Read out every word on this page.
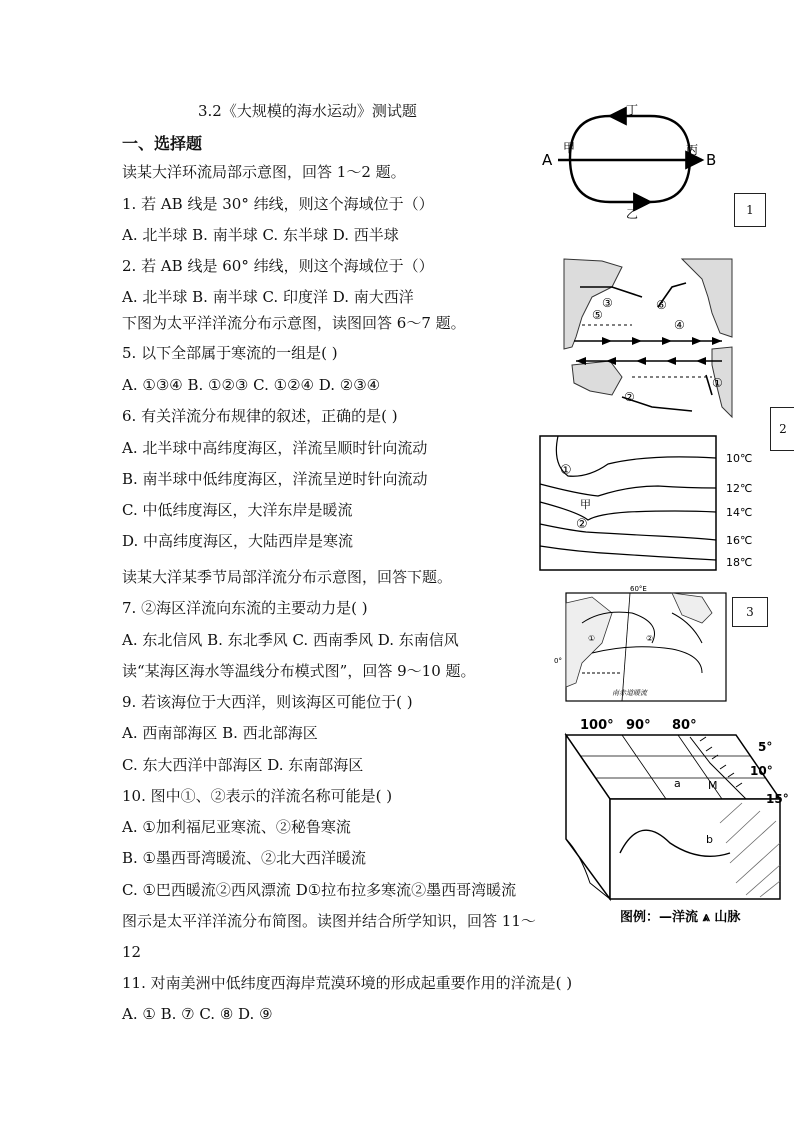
3.2《大规模的海水运动》测试题
一、选择题
读某大洋环流局部示意图，回答 1～2 题。
1. 若 AB 线是 30° 纬线，则这个海域位于（）
A. 北半球 B. 南半球 C. 东半球 D. 西半球
2. 若 AB 线是 60° 纬线，则这个海域位于（）
A. 北半球 B. 南半球 C. 印度洋 D. 南大西洋
下图为太平洋洋流分布示意图，读图回答 6～7 题。
5. 以下全部属于寒流的一组是( )
A. ①③④ B. ①②③ C. ①②④ D. ②③④
6. 有关洋流分布规律的叙述，正确的是( )
A. 北半球中高纬度海区，洋流呈顺时针向流动
B. 南半球中低纬度海区，洋流呈逆时针向流动
C. 中低纬度海区，大洋东岸是暖流
D. 中高纬度海区，大陆西岸是寒流
读某大洋某季节局部洋流分布示意图，回答下题。
7. ②海区洋流向东流的主要动力是( )
A. 东北信风 B. 东北季风 C. 西南季风 D. 东南信风
读“某海区海水等温线分布模式图”，回答 9～10 题。
9. 若该海位于大西洋，则该海区可能位于( )
A. 西南部海区 B. 西北部海区
C. 东大西洋中部海区 D. 东南部海区
10. 图中①、②表示的洋流名称可能是( )
A. ①加利福尼亚寒流、②秘鲁寒流
B. ①墨西哥湾暖流、②北大西洋暖流
C. ①巴西暖流②西风漂流 D①拉布拉多寒流②墨西哥湾暖流
图示是太平洋洋流分布简图。读图并结合所学知识，回答 11～
12
11. 对南美洲中低纬度西海岸荒漠环境的形成起重要作用的洋流是( )
A. ① B. ⑦ C. ⑧ D. ⑨
A	B
甲	丙
丁
乙	1
2
3
③
⑤
⑥
④
①
②
①
②
甲
10℃
12℃
14℃
16℃
18℃
60°E
0°
①	②
南赤道暖流
100° 90° 80°
5°
10°
15°
a M
b
图例：—洋流 ⩓ 山脉
